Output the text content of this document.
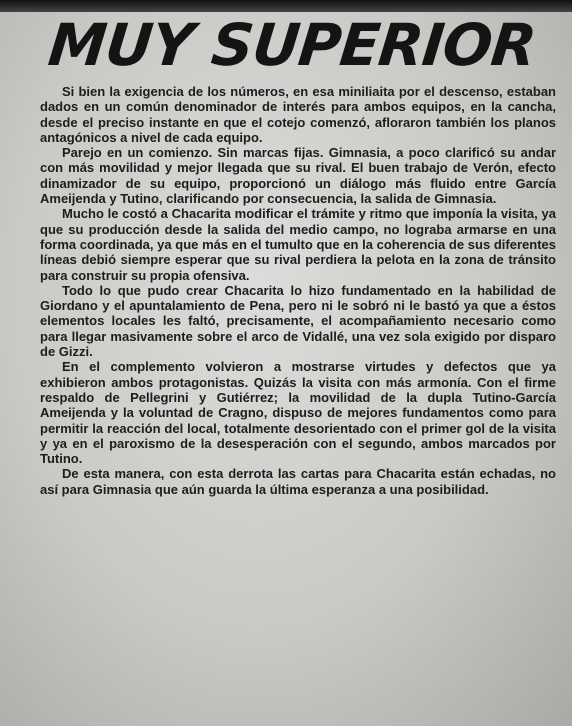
MUY SUPERIOR

Si bien la exigencia de los números, en esa miniliaita por el descenso, estaban dados en un común denominador de interés para ambos equipos, en la cancha, desde el preciso instante en que el cotejo comenzó, afloraron también los planos antagónicos a nivel de cada equipo.

Parejo en un comienzo. Sin marcas fijas. Gimnasia, a poco clarificó su andar con más movilidad y mejor llegada que su rival. El buen trabajo de Verón, efecto dinamizador de su equipo, proporcionó un diálogo más fluido entre García Ameijenda y Tutino, clarificando por consecuencia, la salida de Gimnasia.

Mucho le costó a Chacarita modificar el trámite y ritmo que imponía la visita, ya que su producción desde la salida del medio campo, no lograba armarse en una forma coordinada, ya que más en el tumulto que en la coherencia de sus diferentes líneas debió siempre esperar que su rival perdiera la pelota en la zona de tránsito para construir su propia ofensiva.

Todo lo que pudo crear Chacarita lo hizo fundamentado en la habilidad de Giordano y el apuntalamiento de Pena, pero ni le sobró ni le bastó ya que a éstos elementos locales les faltó, precisamente, el acompañamiento necesario como para llegar masivamente sobre el arco de Vidallé, una vez sola exigido por disparo de Gizzi.

En el complemento volvieron a mostrarse virtudes y defectos que ya exhibieron ambos protagonistas. Quizás la visita con más armonía. Con el firme respaldo de Pellegrini y Gutiérrez; la movilidad de la dupla Tutino-García Ameijenda y la voluntad de Cragno, dispuso de mejores fundamentos como para permitir la reacción del local, totalmente desorientado con el primer gol de la visita y ya en el paroxismo de la desesperación con el segundo, ambos marcados por Tutino.

De esta manera, con esta derrota las cartas para Chacarita están echadas, no así para Gimnasia que aún guarda la última esperanza a una posibilidad.
